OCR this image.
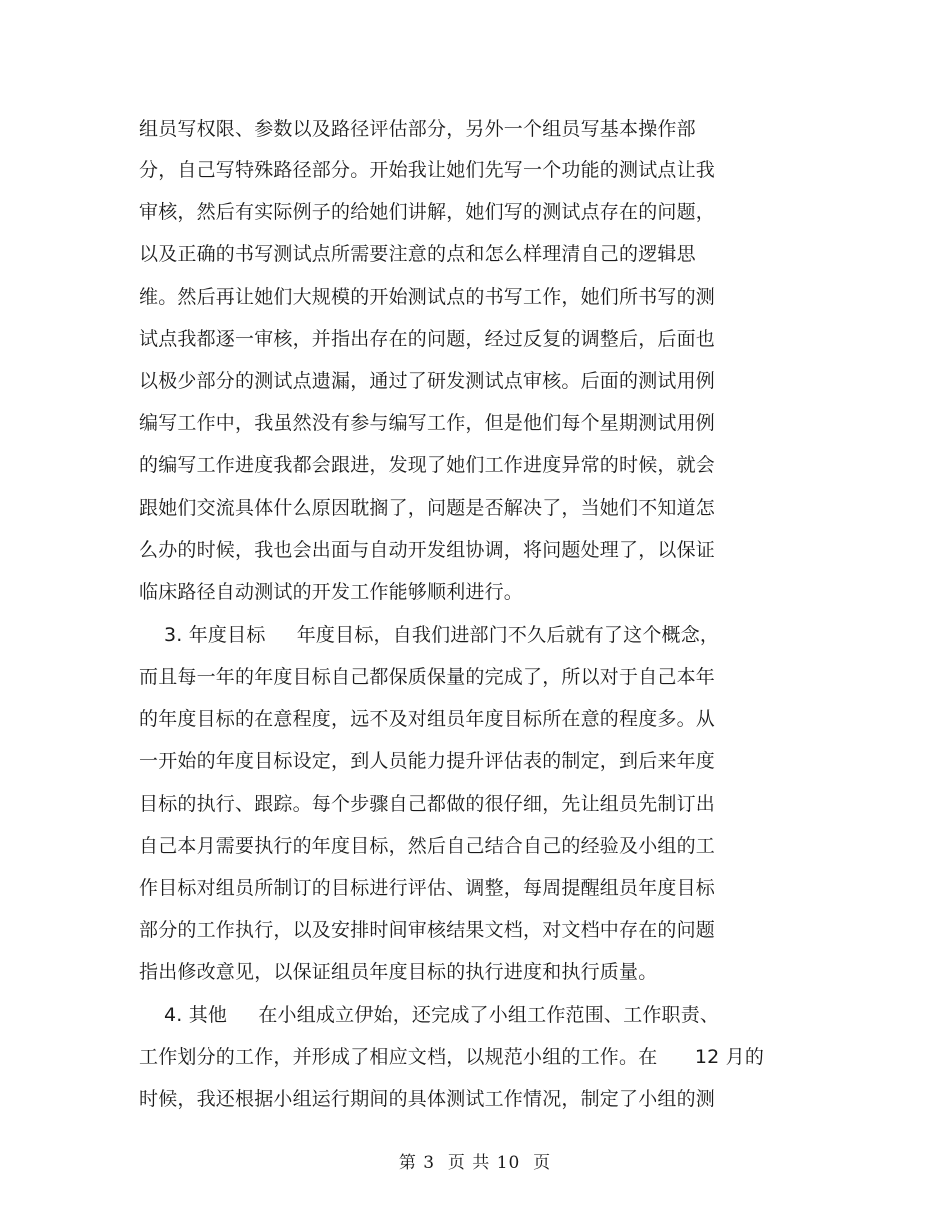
组员写权限、参数以及路径评估部分，另外一个组员写基本操作部
分，自己写特殊路径部分。开始我让她们先写一个功能的测试点让我
审核，然后有实际例子的给她们讲解，她们写的测试点存在的问题，
以及正确的书写测试点所需要注意的点和怎么样理清自己的逻辑思
维。然后再让她们大规模的开始测试点的书写工作，她们所书写的测
试点我都逐一审核，并指出存在的问题，经过反复的调整后，后面也
以极少部分的测试点遗漏，通过了研发测试点审核。后面的测试用例
编写工作中，我虽然没有参与编写工作，但是他们每个星期测试用例
的编写工作进度我都会跟进，发现了她们工作进度异常的时候，就会
跟她们交流具体什么原因耽搁了，问题是否解决了，当她们不知道怎
么办的时候，我也会出面与自动开发组协调，将问题处理了，以保证
临床路径自动测试的开发工作能够顺利进行。
3. 年度目标     年度目标，自我们进部门不久后就有了这个概念，
而且每一年的年度目标自己都保质保量的完成了，所以对于自己本年
的年度目标的在意程度，远不及对组员年度目标所在意的程度多。从
一开始的年度目标设定，到人员能力提升评估表的制定，到后来年度
目标的执行、跟踪。每个步骤自己都做的很仔细，先让组员先制订出
自己本月需要执行的年度目标，然后自己结合自己的经验及小组的工
作目标对组员所制订的目标进行评估、调整，每周提醒组员年度目标
部分的工作执行，以及安排时间审核结果文档，对文档中存在的问题
指出修改意见，以保证组员年度目标的执行进度和执行质量。
4. 其他     在小组成立伊始，还完成了小组工作范围、工作职责、
工作划分的工作，并形成了相应文档，以规范小组的工作。在      12 月的
时候，我还根据小组运行期间的具体测试工作情况，制定了小组的测
第 3  页 共 10  页
